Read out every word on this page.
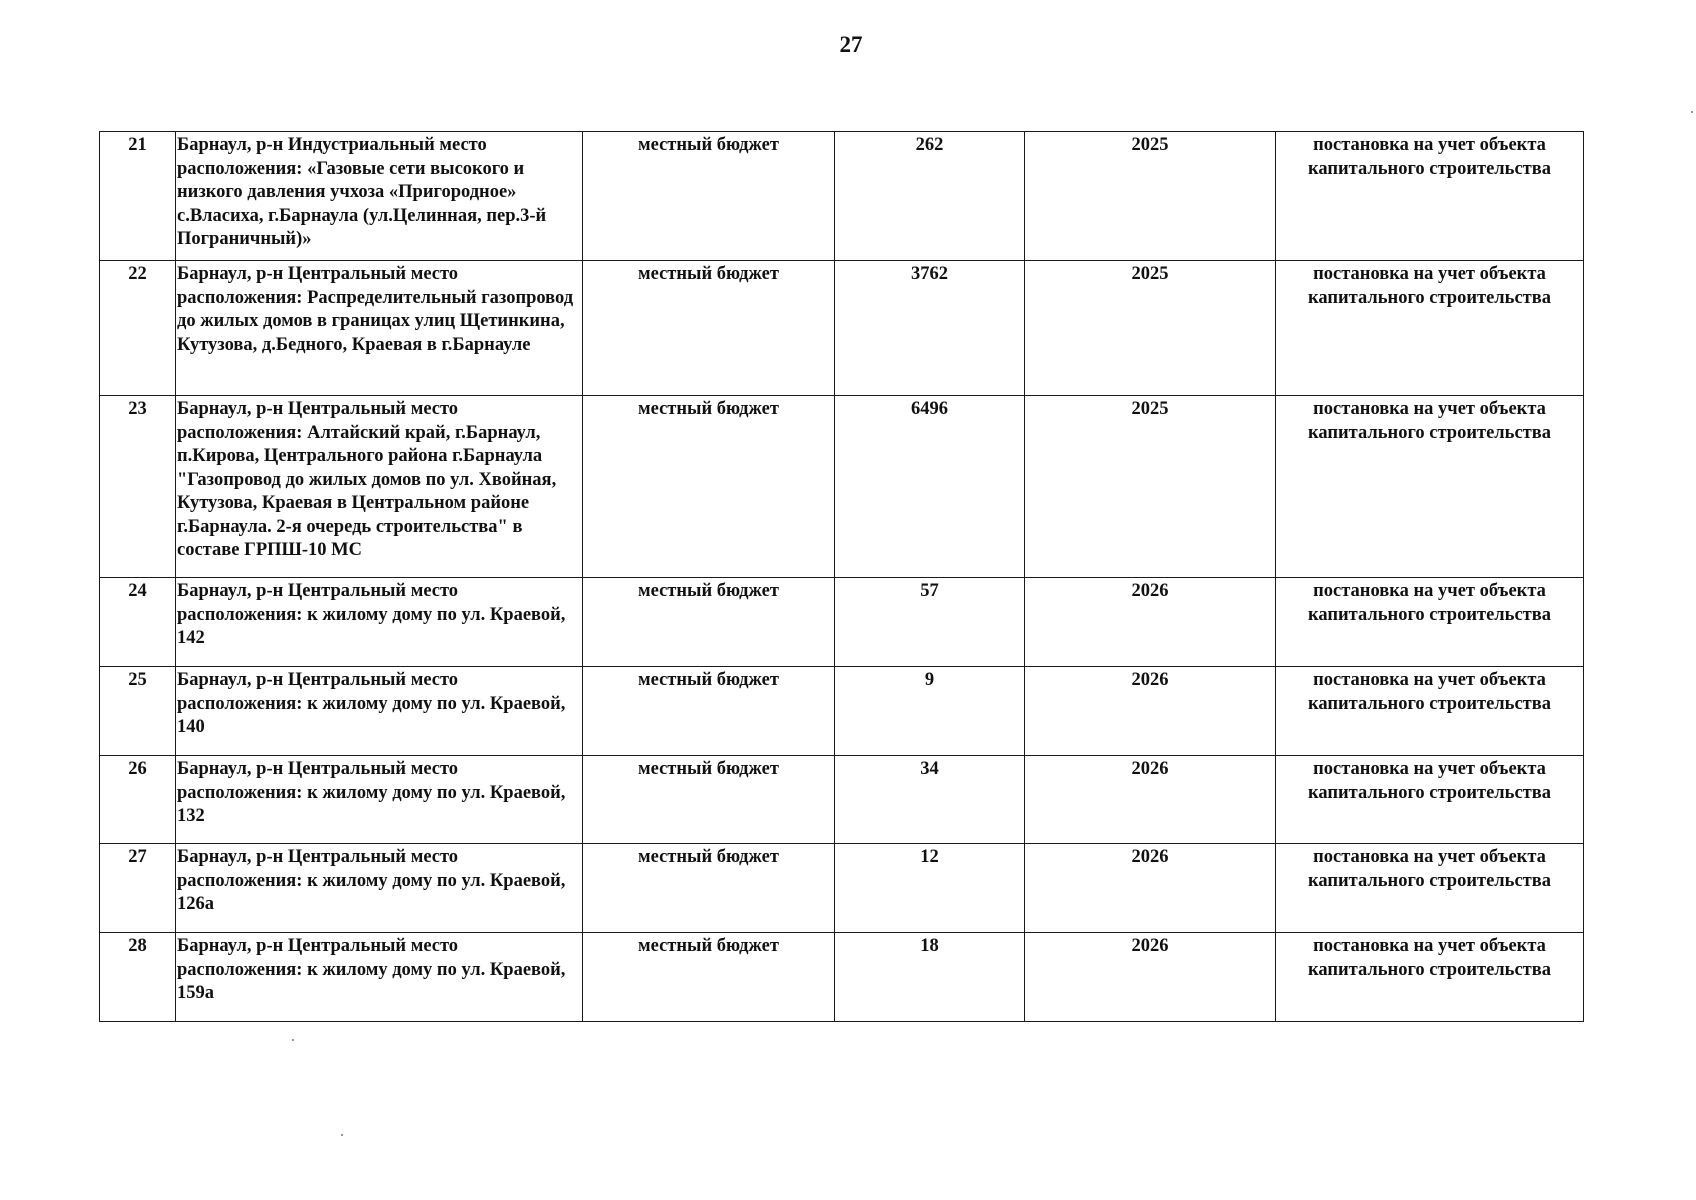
27
21	Барнаул, р-н Индустриальный место расположения: «Газовые сети высокого и низкого давления учхоза «Пригородное» с.Власиха, г.Барнаула (ул.Целинная, пер.3-й Пограничный)»	местный бюджет	262	2025	постановка на учет объекта капитального строительства
22	Барнаул, р-н Центральный место расположения: Распределительный газопровод до жилых домов в границах улиц Щетинкина, Кутузова, д.Бедного, Краевая в г.Барнауле	местный бюджет	3762	2025	постановка на учет объекта капитального строительства
23	Барнаул, р-н Центральный место расположения: Алтайский край, г.Барнаул, п.Кирова, Центрального района г.Барнаула "Газопровод до жилых домов по ул. Хвойная, Кутузова, Краевая в Центральном районе г.Барнаула. 2-я очередь строительства" в составе ГРПШ-10 МС	местный бюджет	6496	2025	постановка на учет объекта капитального строительства
24	Барнаул, р-н Центральный место расположения: к жилому дому по ул. Краевой, 142	местный бюджет	57	2026	постановка на учет объекта капитального строительства
25	Барнаул, р-н Центральный место расположения: к жилому дому по ул. Краевой, 140	местный бюджет	9	2026	постановка на учет объекта капитального строительства
26	Барнаул, р-н Центральный место расположения: к жилому дому по ул. Краевой, 132	местный бюджет	34	2026	постановка на учет объекта капитального строительства
27	Барнаул, р-н Центральный место расположения: к жилому дому по ул. Краевой, 126а	местный бюджет	12	2026	постановка на учет объекта капитального строительства
28	Барнаул, р-н Центральный место расположения: к жилому дому по ул. Краевой, 159а	местный бюджет	18	2026	постановка на учет объекта капитального строительства
